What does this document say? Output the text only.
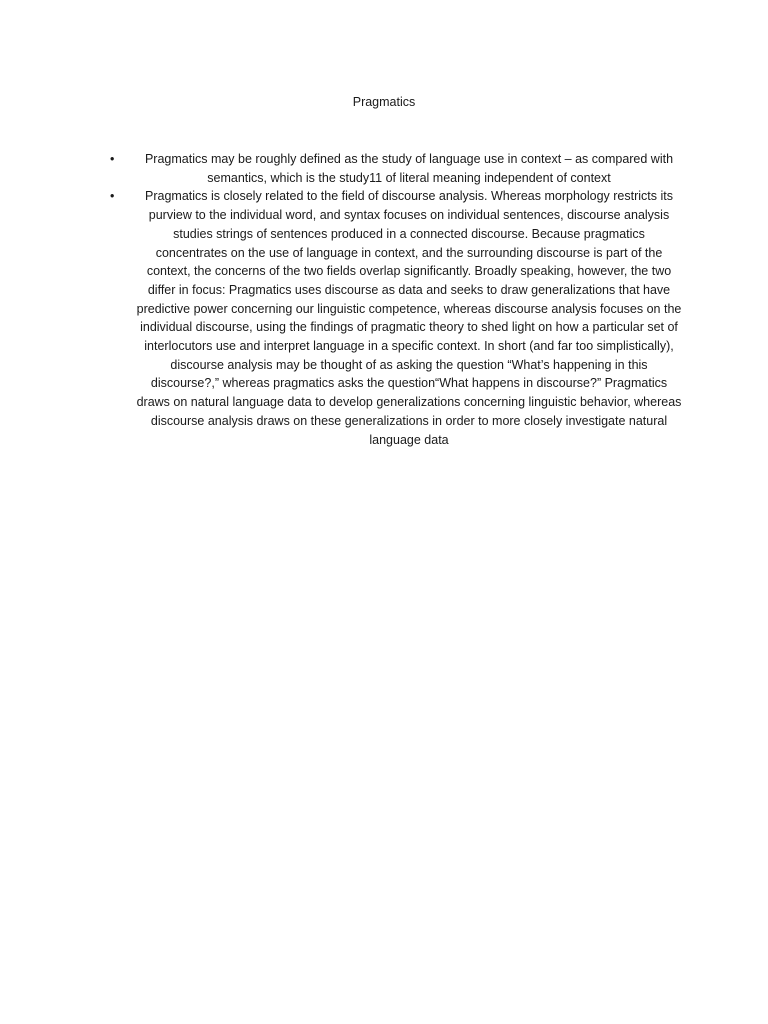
Pragmatics
•	Pragmatics may be roughly defined as the study of language use in context – as compared with semantics, which is the study11 of literal meaning independent of context
•	Pragmatics is closely related to the field of discourse analysis. Whereas morphology restricts its purview to the individual word, and syntax focuses on individual sentences, discourse analysis studies strings of sentences produced in a connected discourse. Because pragmatics concentrates on the use of language in context, and the surrounding discourse is part of the context, the concerns of the two fields overlap significantly. Broadly speaking, however, the two differ in focus: Pragmatics uses discourse as data and seeks to draw generalizations that have predictive power concerning our linguistic competence, whereas discourse analysis focuses on the individual discourse, using the findings of pragmatic theory to shed light on how a particular set of interlocutors use and interpret language in a specific context. In short (and far too simplistically), discourse analysis may be thought of as asking the question “What’s happening in this discourse?,” whereas pragmatics asks the question“What happens in discourse?” Pragmatics draws on natural language data to develop generalizations concerning linguistic behavior, whereas discourse analysis draws on these generalizations in order to more closely investigate natural language data
